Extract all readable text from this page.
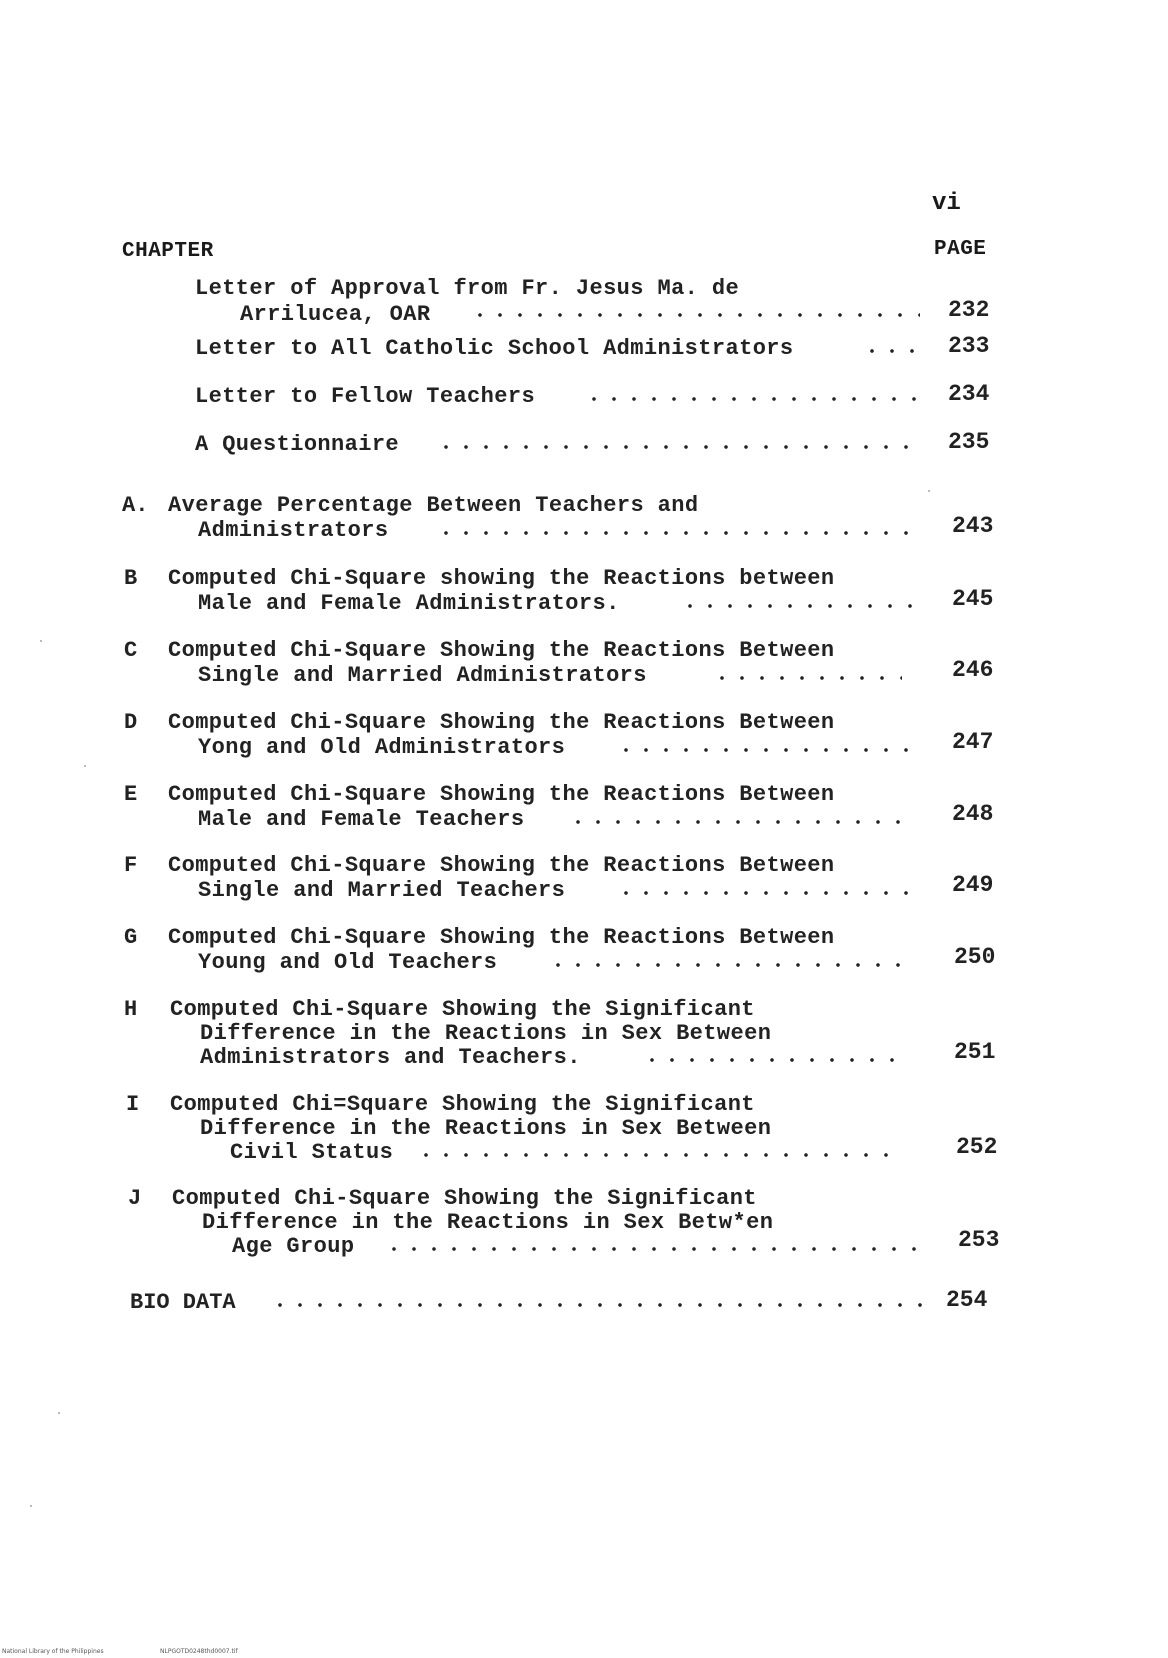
vi
CHAPTER	PAGE
Letter of Approval from Fr. Jesus Ma. de
Arrilucea, OAR	232
Letter to All Catholic School Administrators	233
Letter to Fellow Teachers	234
A Questionnaire	235
A. Average Percentage Between Teachers and
Administrators	243
B Computed Chi-Square showing the Reactions between
Male and Female Administrators.	245
C Computed Chi-Square Showing the Reactions Between
Single and Married Administrators	246
D Computed Chi-Square Showing the Reactions Between
Yong and Old Administrators	247
E Computed Chi-Square Showing the Reactions Between
Male and Female Teachers	248
F Computed Chi-Square Showing the Reactions Between
Single and Married Teachers	249
G Computed Chi-Square Showing the Reactions Between
Young and Old Teachers	250
H Computed Chi-Square Showing the Significant
Difference in the Reactions in Sex Between
Administrators and Teachers.	251
I Computed Chi=Square Showing the Significant
Difference in the Reactions in Sex Between
Civil Status	252
J Computed Chi-Square Showing the Significant
Difference in the Reactions in Sex Betw*en
Age Group	253
BIO DATA	254
National Library of the Philippines	NLPGOTD0248thd0007.tif
